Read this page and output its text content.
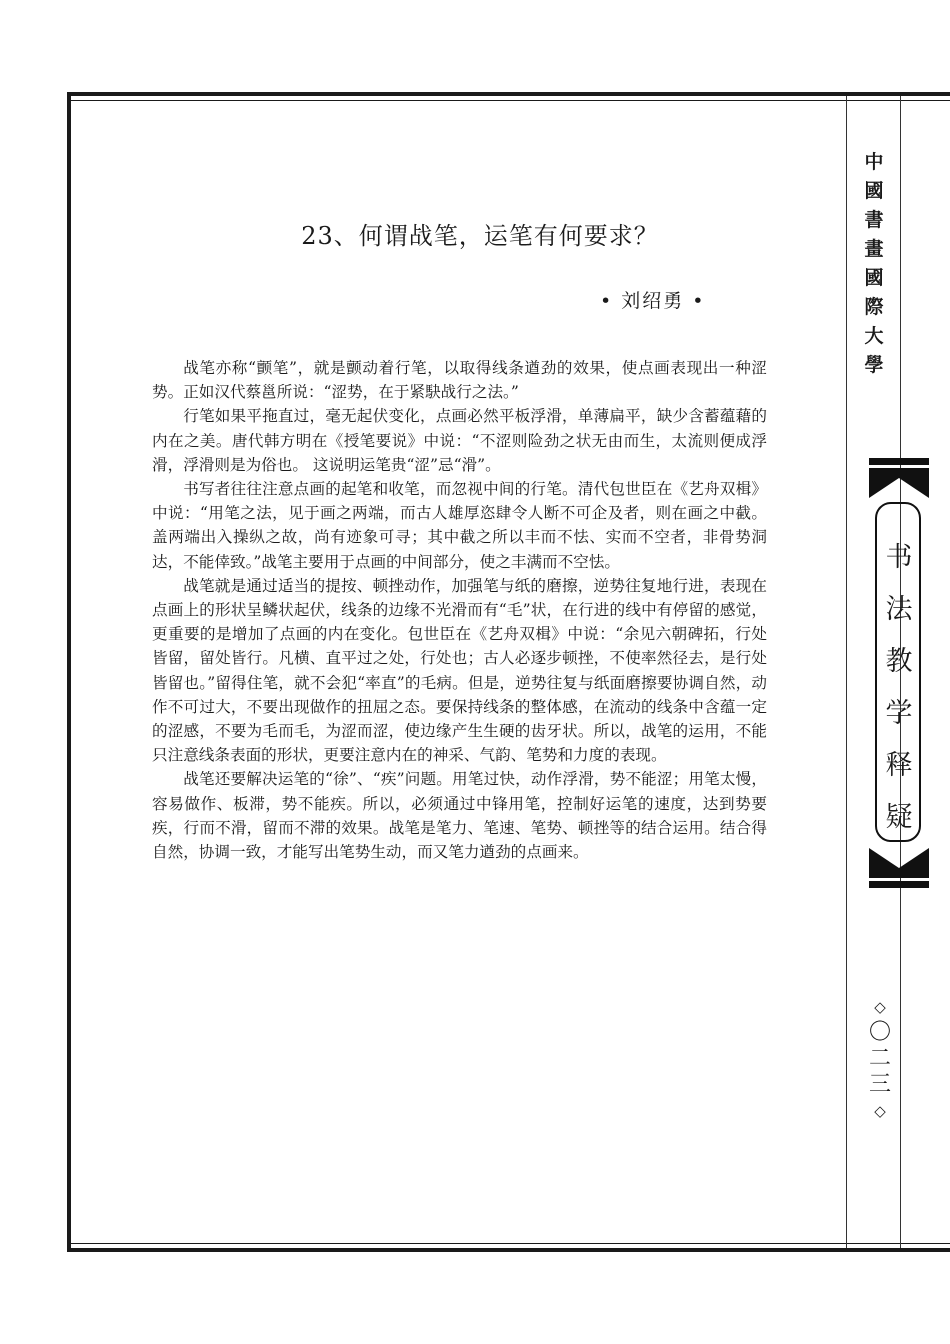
23、何谓战笔，运笔有何要求？
• 刘绍勇 •

战笔亦称“颤笔”，就是颤动着行笔，以取得线条遒劲的效果，使点画表现出一种涩势。正如汉代蔡邕所说：“涩势，在于紧駃战行之法。”

行笔如果平拖直过，毫无起伏变化，点画必然平板浮滑，单薄扁平，缺少含蓄蕴藉的内在之美。唐代韩方明在《授笔要说》中说：“不涩则险劲之状无由而生，太流则便成浮滑，浮滑则是为俗也。 这说明运笔贵“涩”忌“滑”。

书写者往往注意点画的起笔和收笔，而忽视中间的行笔。清代包世臣在《艺舟双楫》中说：“用笔之法，见于画之两端，而古人雄厚恣肆令人断不可企及者，则在画之中截。盖两端出入操纵之故，尚有迹象可寻；其中截之所以丰而不怯、实而不空者，非骨势洞达，不能倖致。”战笔主要用于点画的中间部分，使之丰满而不空怯。

战笔就是通过适当的提按、顿挫动作，加强笔与纸的磨擦，逆势往复地行进，表现在点画上的形状呈鳞状起伏，线条的边缘不光滑而有“毛”状，在行进的线中有停留的感觉，更重要的是增加了点画的内在变化。包世臣在《艺舟双楫》中说：“余见六朝碑拓，行处 皆留，留处皆行。凡横、直平过之处，行处也；古人必逐步顿挫，不使率然径去，是行处皆留也。”留得住笔，就不会犯“率直”的毛病。但是，逆势往复与纸面磨擦要协调自然，动作不可过大，不要出现做作的扭屈之态。要保持线条的整体感，在流动的线条中含蕴一定的涩感，不要为毛而毛，为涩而涩，使边缘产生生硬的齿牙状。所以，战笔的运用，不能只注意线条表面的形状，更要注意内在的神采、气韵、笔势和力度的表现。

战笔还要解决运笔的“徐”、“疾”问题。用笔过快，动作浮滑，势不能涩；用笔太慢，容易做作、板滞，势不能疾。所以，必须通过中锋用笔，控制好运笔的速度，达到势要疾，行而不滑，留而不滞的效果。战笔是笔力、笔速、笔势、顿挫等的结合运用。结合得自然，协调一致，才能写出笔势生动，而又笔力遒劲的点画来。

中
國
書
畫
國
際
大
學
书
法
教
学
释
疑
◇
〇
二
三
◇
